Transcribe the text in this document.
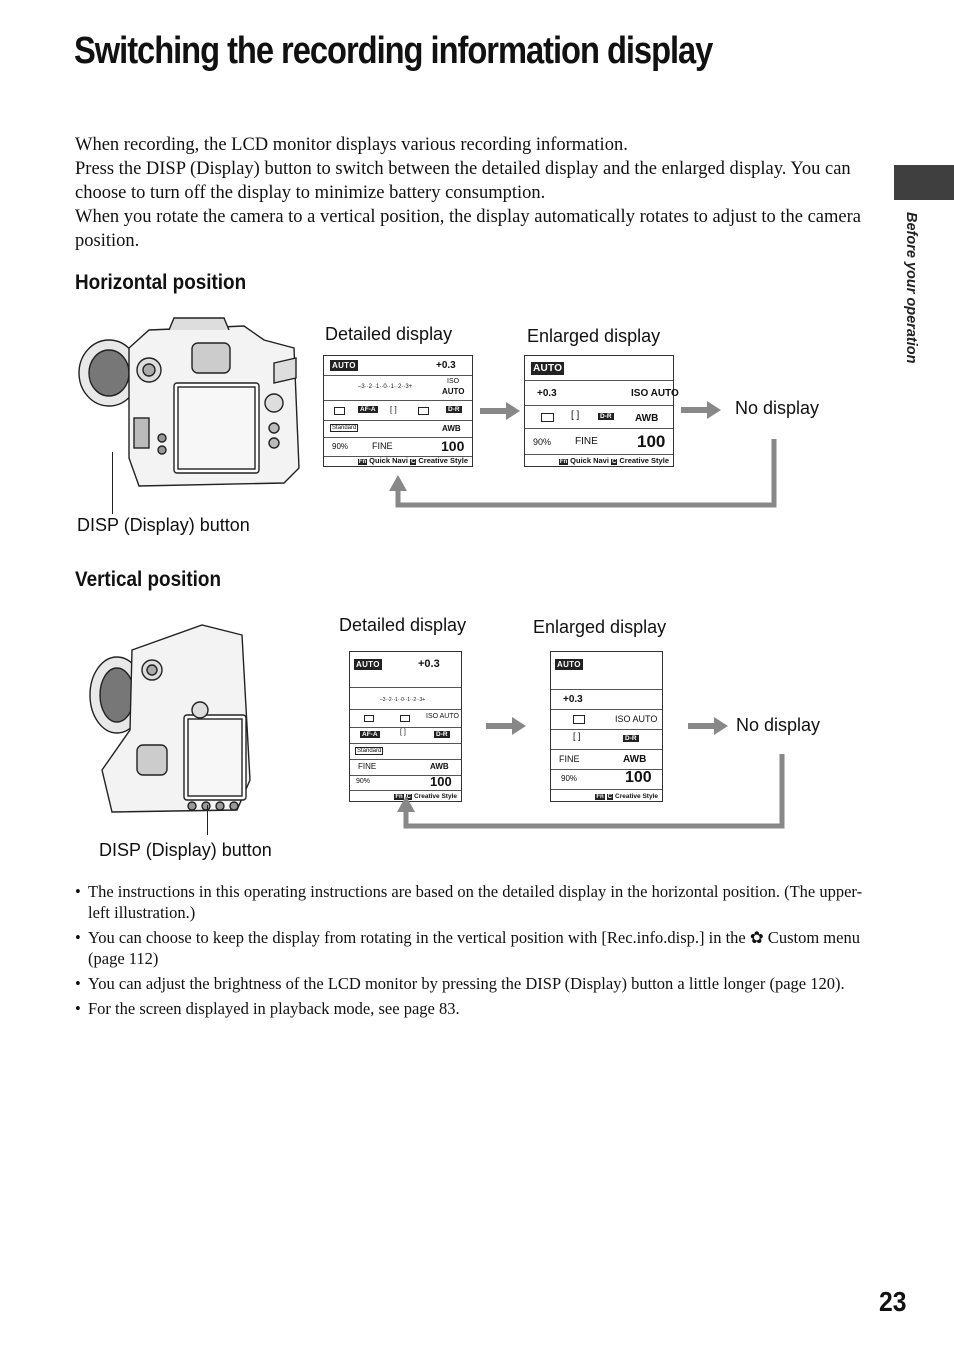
Switching the recording information display

When recording, the LCD monitor displays various recording information.

Press the DISP (Display) button to switch between the detailed display and the enlarged display. You can choose to turn off the display to minimize battery consumption.

When you rotate the camera to a vertical position, the display automatically rotates to adjust to the camera position.	Before your operation
Horizontal position
DISP (Display) button
Detailed display	Enlarged display
AUTO	+0.3
–3··2··1··0··1··2··3+
ISO
AUTO
AF-A [ ]	D-R
Standard	AWB
90%	FINE	100
Fn Quick Navi C Creative Style
AUTO
+0.3	ISO AUTO
[ ]	D-R AWB
90% FINE 100
Fn Quick Navi C Creative Style
No display
Vertical position
DISP (Display) button
Detailed display	Enlarged display
AUTO	+0.3
–3··2··1··0··1··2··3+
ISO AUTO
AF-A	[ ]	D-R
Standard
FINE	AWB
90%	100
Fn C Creative Style
AUTO
+0.3
ISO AUTO
[ ]	D-R
FINE	AWB
90%	100
Fn C Creative Style
No display
• The instructions in this operating instructions are based on the detailed display in the horizontal position. (The upper-left illustration.)
• You can choose to keep the display from rotating in the vertical position with [Rec.info.disp.] in the ✿ Custom menu (page 112)
• You can adjust the brightness of the LCD monitor by pressing the DISP (Display) button a little longer (page 120).
• For the screen displayed in playback mode, see page 83.
23
